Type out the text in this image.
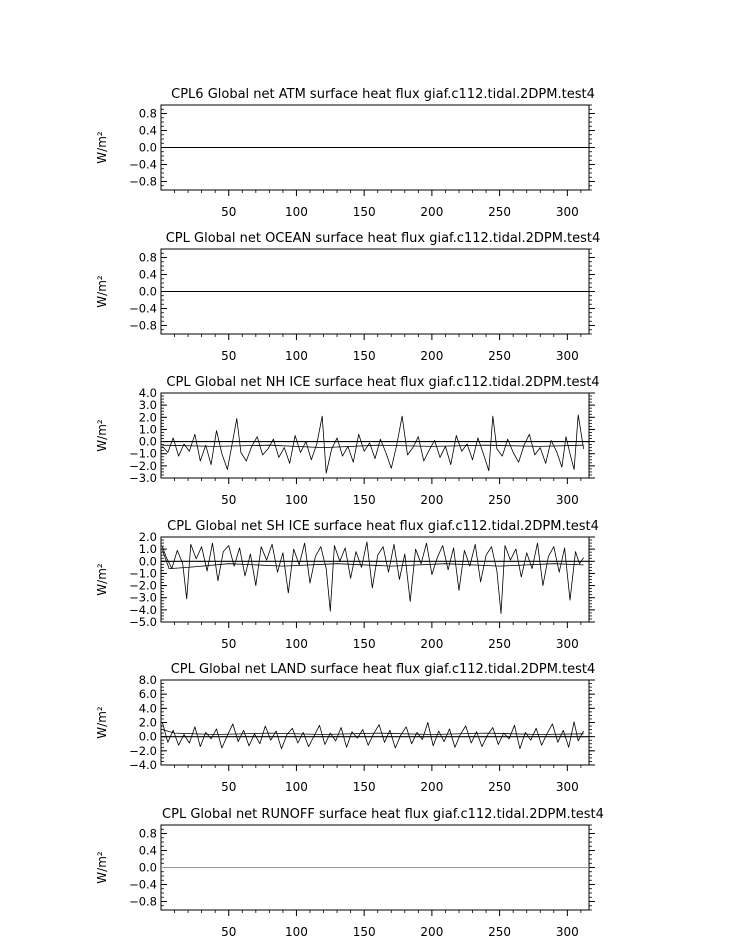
CPL6 Global net ATM surface heat flux giaf.c112.tidal.2DPM.test4
W/m²
0.8
0.4
0.0
−0.4
−0.8
50	100	150	200	250	300
CPL Global net OCEAN surface heat flux giaf.c112.tidal.2DPM.test4
W/m²
0.8
0.4
0.0
−0.4
−0.8
50	100	150	200	250	300
CPL Global net NH ICE surface heat flux giaf.c112.tidal.2DPM.test4
W/m²
4.0
3.0
2.0
1.0
0.0
−1.0
−2.0
−3.0
50	100	150	200	250	300
CPL Global net SH ICE surface heat flux giaf.c112.tidal.2DPM.test4
W/m²
2.0
1.0
0.0
−1.0
−2.0
−3.0
−4.0
−5.0
50	100	150	200	250	300
CPL Global net LAND surface heat flux giaf.c112.tidal.2DPM.test4
W/m²
8.0
6.0
4.0
2.0
0.0
−2.0
−4.0
50	100	150	200	250	300
CPL Global net RUNOFF surface heat flux giaf.c112.tidal.2DPM.test4
W/m²
0.8
0.4
0.0
−0.4
−0.8
50	100	150	200	250	300
